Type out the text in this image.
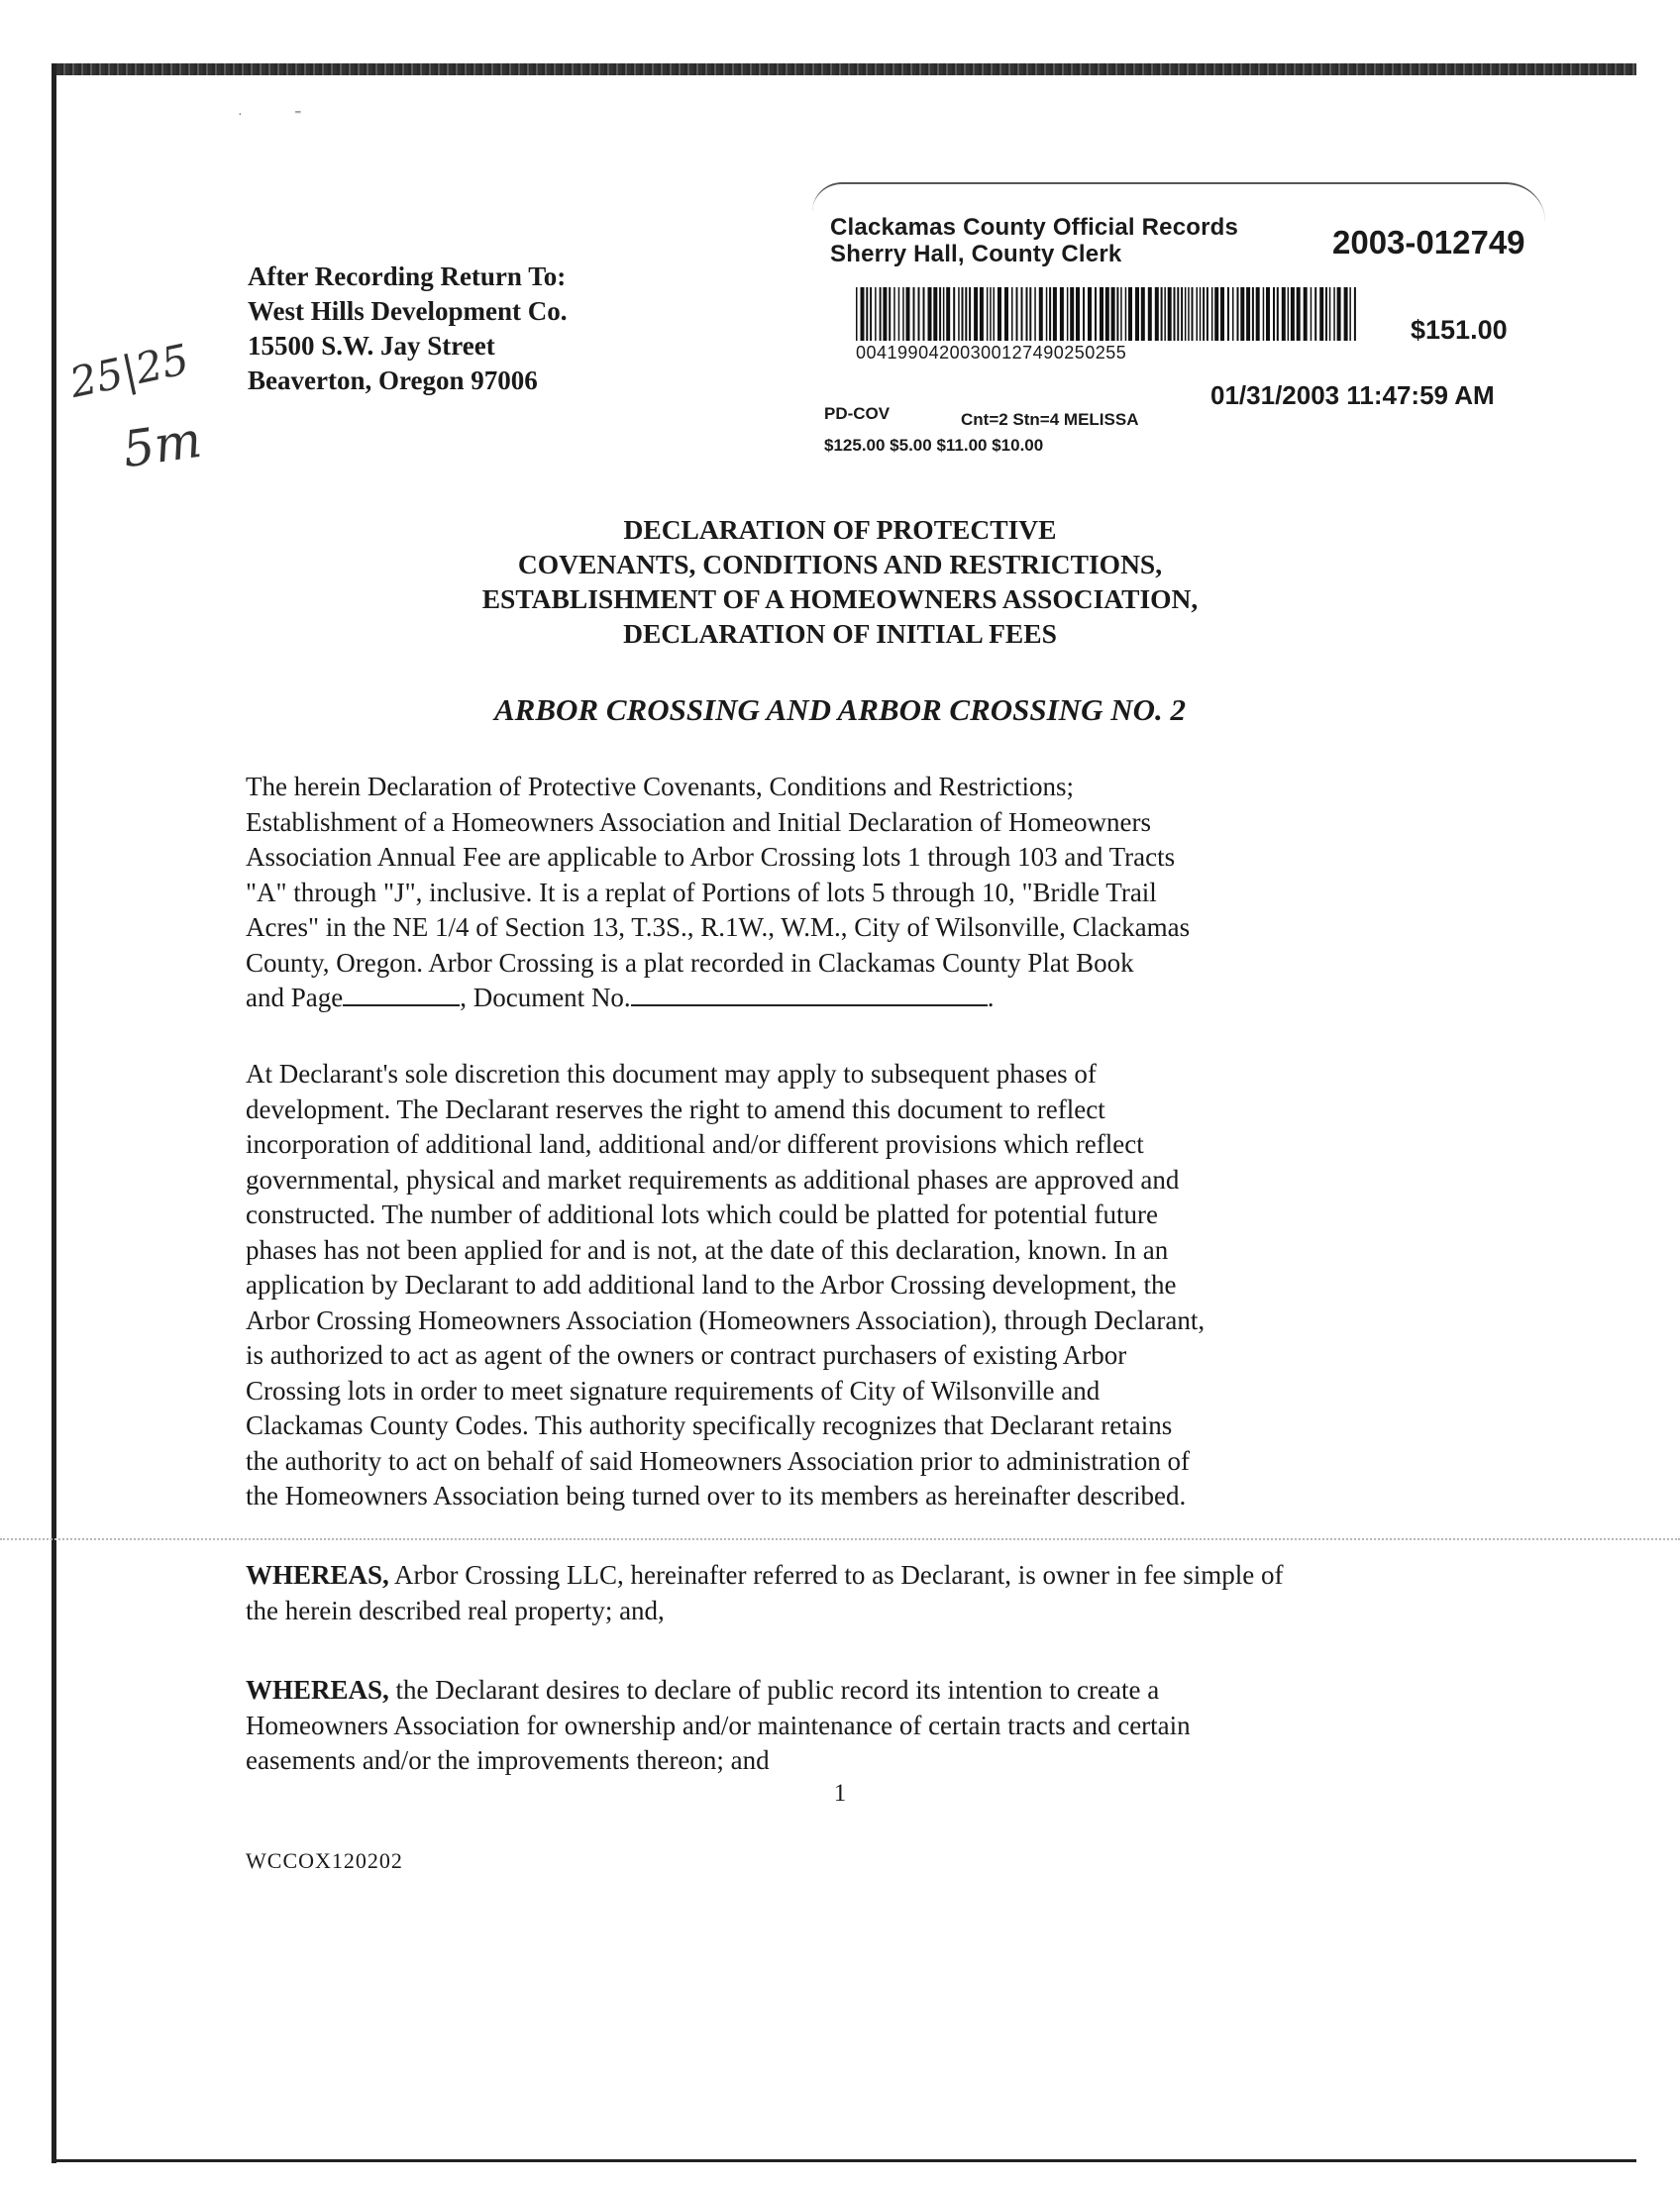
·               ⁼
After Recording Return To:
West Hills Development Co.
15500 S.W. Jay Street
Beaverton, Oregon 97006
25|25
5m
Clackamas County Official Records
Sherry Hall, County Clerk	2003-012749
00419904200300127490250255
$151.00
01/31/2003 11:47:59 AM
PD-COV	Cnt=2 Stn=4 MELISSA
$125.00 $5.00 $11.00 $10.00
DECLARATION OF PROTECTIVE
COVENANTS, CONDITIONS AND RESTRICTIONS,
ESTABLISHMENT OF A HOMEOWNERS ASSOCIATION,
DECLARATION OF INITIAL FEES
ARBOR CROSSING AND ARBOR CROSSING NO. 2
The herein Declaration of Protective Covenants, Conditions and Restrictions;
Establishment of a Homeowners Association and Initial Declaration of Homeowners
Association Annual Fee are applicable to Arbor Crossing lots 1 through 103 and Tracts
"A" through "J", inclusive. It is a replat of Portions of lots 5 through 10, "Bridle Trail
Acres" in the NE 1/4 of Section 13, T.3S., R.1W., W.M., City of Wilsonville, Clackamas
County, Oregon. Arbor Crossing is a plat recorded in Clackamas County Plat Book
and Page	, Document No.	.
At Declarant's sole discretion this document may apply to subsequent phases of
development. The Declarant reserves the right to amend this document to reflect
incorporation of additional land, additional and/or different provisions which reflect
governmental, physical and market requirements as additional phases are approved and
constructed. The number of additional lots which could be platted for potential future
phases has not been applied for and is not, at the date of this declaration, known. In an
application by Declarant to add additional land to the Arbor Crossing development, the
Arbor Crossing Homeowners Association (Homeowners Association), through Declarant,
is authorized to act as agent of the owners or contract purchasers of existing Arbor
Crossing lots in order to meet signature requirements of City of Wilsonville and
Clackamas County Codes. This authority specifically recognizes that Declarant retains
the authority to act on behalf of said Homeowners Association prior to administration of
the Homeowners Association being turned over to its members as hereinafter described.
WHEREAS, Arbor Crossing LLC, hereinafter referred to as Declarant, is owner in fee simple of
the herein described real property; and,
WHEREAS, the Declarant desires to declare of public record its intention to create a
Homeowners Association for ownership and/or maintenance of certain tracts and certain
easements and/or the improvements thereon; and
1
WCCOX120202
